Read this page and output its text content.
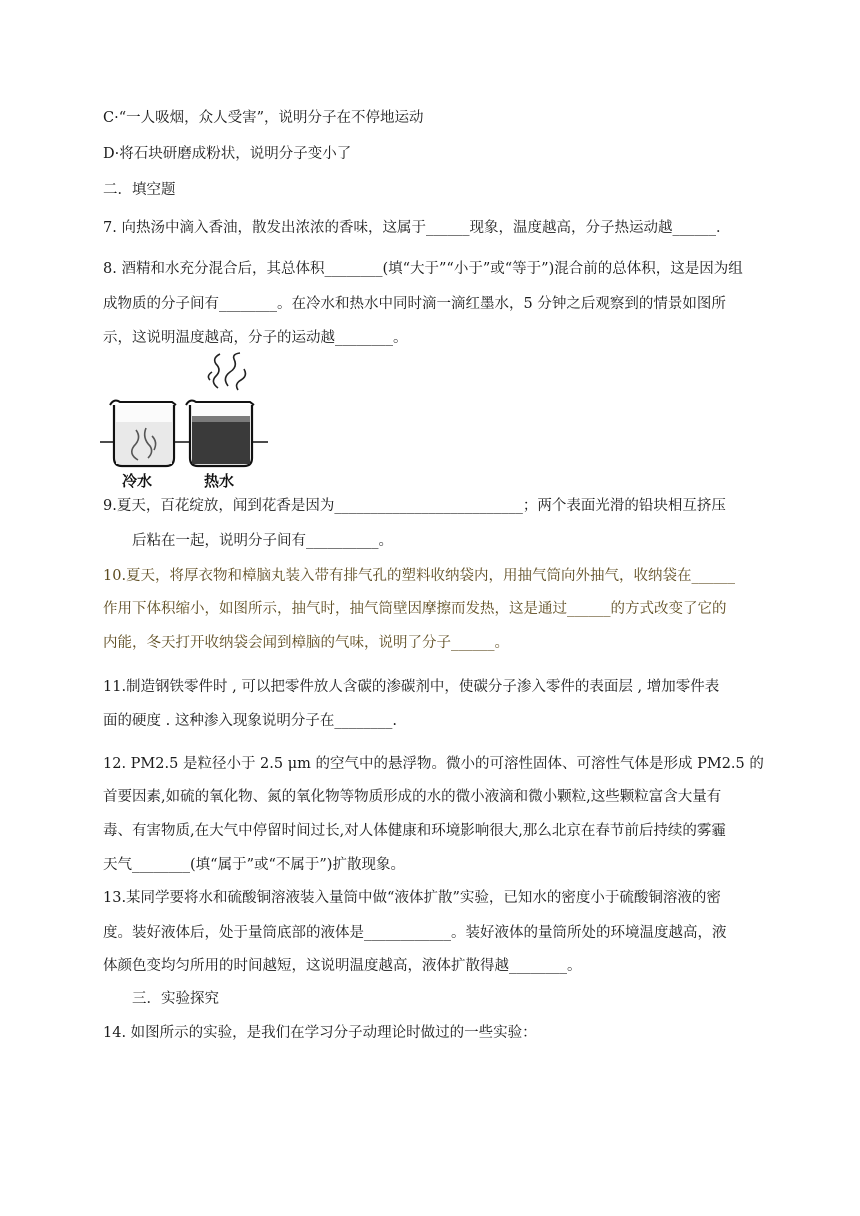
C·“一人吸烟，众人受害”，说明分子在不停地运动
D·将石块研磨成粉状，说明分子变小了
二．填空题
7. 向热汤中滴入香油，散发出浓浓的香味，这属于______现象，温度越高，分子热运动越______．
8. 酒精和水充分混合后，其总体积________(填“大于”“小于”或“等于”)混合前的总体积，这是因为组
成物质的分子间有________。在冷水和热水中同时滴一滴红墨水，5 分钟之后观察到的情景如图所
示，这说明温度越高，分子的运动越________。
冷水	热水
9.夏天，百花绽放，闻到花香是因为__________________________；两个表面光滑的铅块相互挤压
后粘在一起，说明分子间有__________。
10.夏天，将厚衣物和樟脑丸装入带有排气孔的塑料收纳袋内，用抽气筒向外抽气，收纳袋在______
作用下体积缩小，如图所示，抽气时，抽气筒壁因摩擦而发热，这是通过______的方式改变了它的
内能，冬天打开收纳袋会闻到樟脑的气味，说明了分子______。
11.制造钢铁零件时 , 可以把零件放人含碳的渗碳剂中，使碳分子渗入零件的表面层 , 增加零件表
面的硬度 . 这种渗入现象说明分子在________.
12. PM2.5 是粒径小于 2.5 μm 的空气中的悬浮物。微小的可溶性固体、可溶性气体是形成 PM2.5 的
首要因素,如硫的氧化物、氮的氧化物等物质形成的水的微小液滴和微小颗粒,这些颗粒富含大量有
毒、有害物质,在大气中停留时间过长,对人体健康和环境影响很大,那么北京在春节前后持续的雾霾
天气________(填“属于”或“不属于”)扩散现象。
13.某同学要将水和硫酸铜溶液装入量筒中做“液体扩散”实验，已知水的密度小于硫酸铜溶液的密
度。装好液体后，处于量筒底部的液体是____________。装好液体的量筒所处的环境温度越高，液
体颜色变均匀所用的时间越短，这说明温度越高，液体扩散得越________。
三．实验探究
14. 如图所示的实验，是我们在学习分子动理论时做过的一些实验：
